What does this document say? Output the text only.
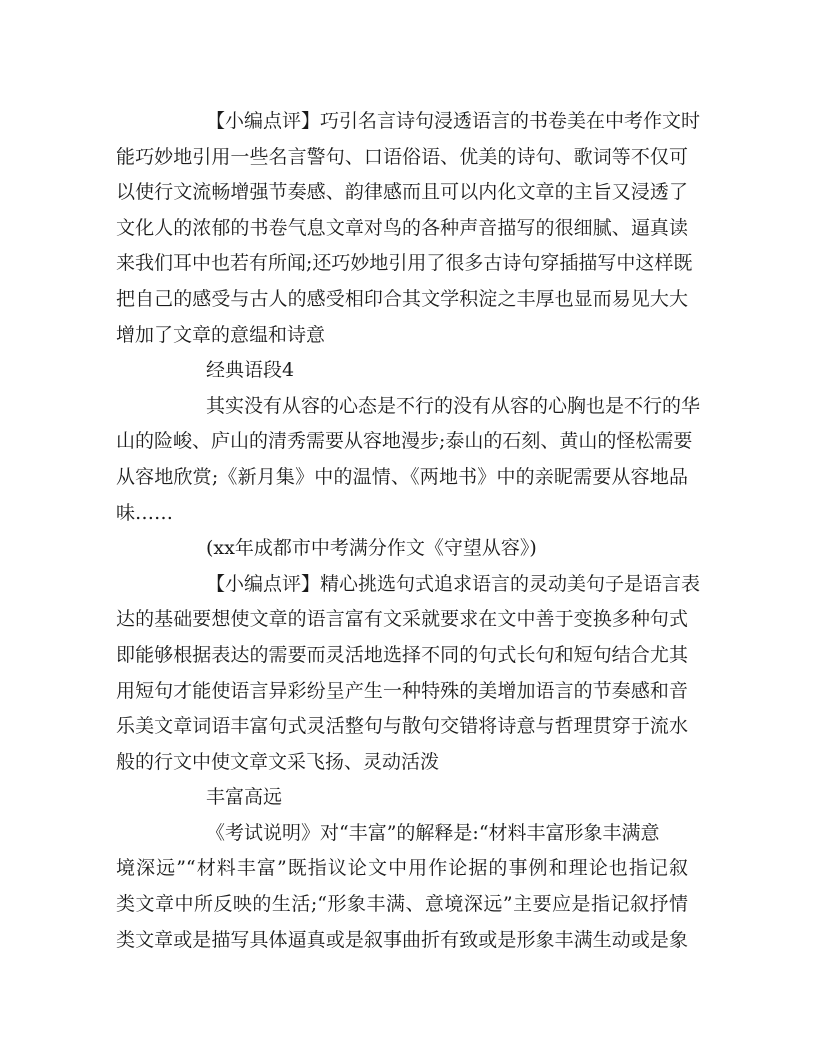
【小编点评】巧引名言诗句浸透语言的书卷美在中考作文时
能巧妙地引用一些名言警句、口语俗语、优美的诗句、歌词等不仅可
以使行文流畅增强节奏感、韵律感而且可以内化文章的主旨又浸透了
文化人的浓郁的书卷气息文章对鸟的各种声音描写的很细腻、逼真读
来我们耳中也若有所闻;还巧妙地引用了很多古诗句穿插描写中这样既
把自己的感受与古人的感受相印合其文学积淀之丰厚也显而易见大大
增加了文章的意缊和诗意
经典语段4
其实没有从容的心态是不行的没有从容的心胸也是不行的华
山的险峻、庐山的清秀需要从容地漫步;泰山的石刻、黄山的怪松需要
从容地欣赏;《新月集》中的温情、《两地书》中的亲昵需要从容地品
味……
(xx年成都市中考满分作文《守望从容》)
【小编点评】精心挑选句式追求语言的灵动美句子是语言表
达的基础要想使文章的语言富有文采就要求在文中善于变换多种句式
即能够根据表达的需要而灵活地选择不同的句式长句和短句结合尤其
用短句才能使语言异彩纷呈产生一种特殊的美增加语言的节奏感和音
乐美文章词语丰富句式灵活整句与散句交错将诗意与哲理贯穿于流水
般的行文中使文章文采飞扬、灵动活泼
丰富高远
《考试说明》对“丰富”的解释是:“材料丰富形象丰满意
境深远”“材料丰富”既指议论文中用作论据的事例和理论也指记叙
类文章中所反映的生活;“形象丰满、意境深远”主要应是指记叙抒情
类文章或是描写具体逼真或是叙事曲折有致或是形象丰满生动或是象
